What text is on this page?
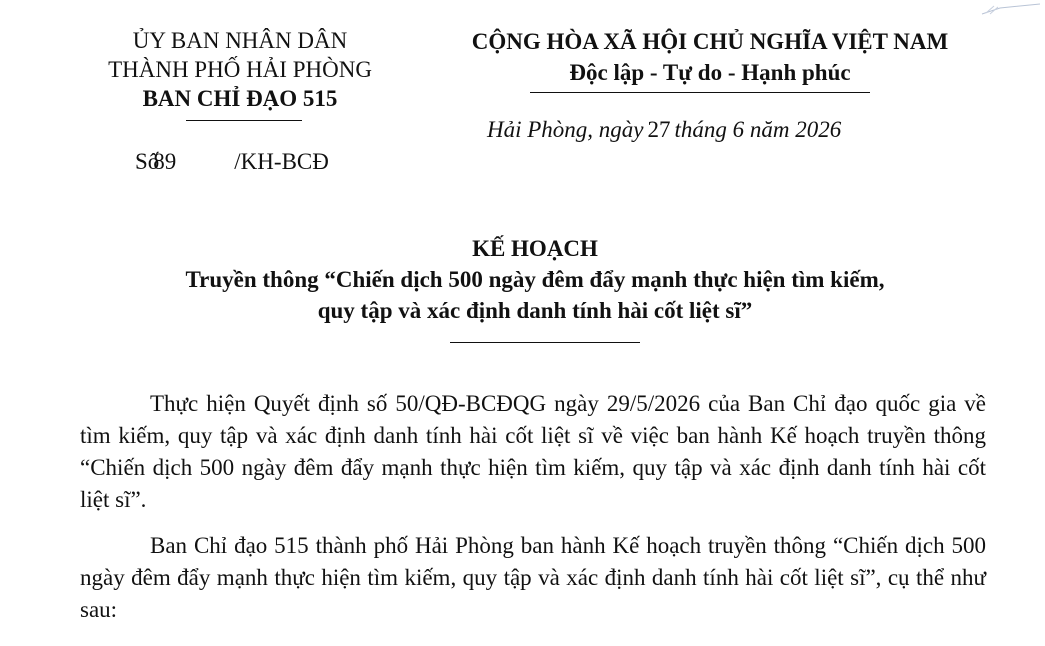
ỦY BAN NHÂN DÂN
THÀNH PHỐ HẢI PHÒNG
BAN CHỈ ĐẠO 515
CỘNG HÒA XÃ HỘI CHỦ NGHĨA VIỆT NAM
Độc lập - Tự do - Hạnh phúc
Hải Phòng, ngày 27 tháng 6 năm 2026
Số89	/KH-BCĐ
KẾ HOẠCH
Truyền thông “Chiến dịch 500 ngày đêm đẩy mạnh thực hiện tìm kiếm,
quy tập và xác định danh tính hài cốt liệt sĩ”

Thực hiện Quyết định số 50/QĐ-BCĐQG ngày 29/5/2026 của Ban Chỉ đạo quốc gia về tìm kiếm, quy tập và xác định danh tính hài cốt liệt sĩ về việc ban hành Kế hoạch truyền thông “Chiến dịch 500 ngày đêm đẩy mạnh thực hiện tìm kiếm, quy tập và xác định danh tính hài cốt liệt sĩ”.

Ban Chỉ đạo 515 thành phố Hải Phòng ban hành Kế hoạch truyền thông “Chiến dịch 500 ngày đêm đẩy mạnh thực hiện tìm kiếm, quy tập và xác định danh tính hài cốt liệt sĩ”, cụ thể như sau:
